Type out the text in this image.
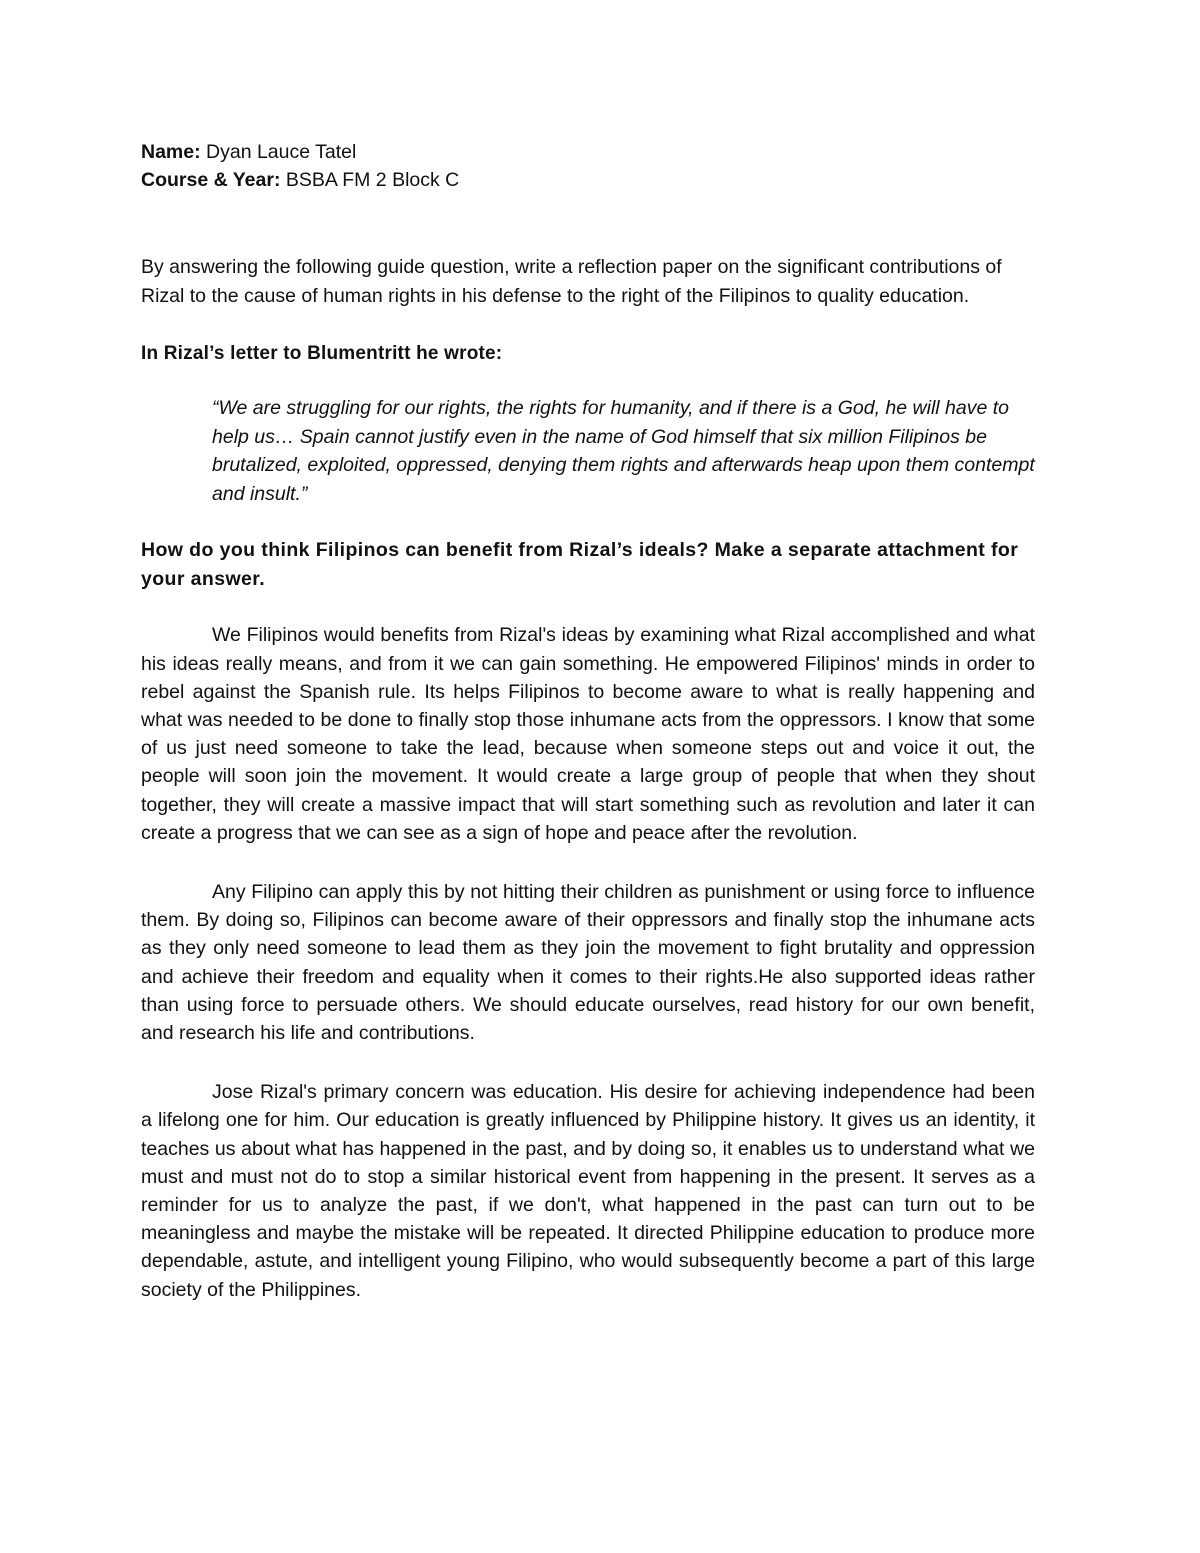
Name: Dyan Lauce Tatel

Course & Year: BSBA FM 2 Block C

By answering the following guide question, write a reflection paper on the significant contributions of Rizal to the cause of human rights in his defense to the right of the Filipinos to quality education.

In Rizal’s letter to Blumentritt he wrote:

“We are struggling for our rights, the rights for humanity, and if there is a God, he will have to help us… Spain cannot justify even in the name of God himself that six million Filipinos be brutalized, exploited, oppressed, denying them rights and afterwards heap upon them contempt and insult.”

How do you think Filipinos can benefit from Rizal’s ideals? Make a separate attachment for your answer.

We Filipinos would benefits from Rizal's ideas by examining what Rizal accomplished and what his ideas really means, and from it we can gain something. He empowered Filipinos' minds in order to rebel against the Spanish rule. Its helps Filipinos to become aware to what is really happening and what was needed to be done to finally stop those inhumane acts from the oppressors. I know that some of us just need someone to take the lead, because when someone steps out and voice it out, the people will soon join the movement. It would create a large group of people that when they shout together, they will create a massive impact that will start something such as revolution and later it can create a progress that we can see as a sign of hope and peace after the revolution.

Any Filipino can apply this by not hitting their children as punishment or using force to influence them. By doing so, Filipinos can become aware of their oppressors and finally stop the inhumane acts as they only need someone to lead them as they join the movement to fight brutality and oppression and achieve their freedom and equality when it comes to their rights.He also supported ideas rather than using force to persuade others. We should educate ourselves, read history for our own benefit, and research his life and contributions.

Jose Rizal's primary concern was education. His desire for achieving independence had been a lifelong one for him. Our education is greatly influenced by Philippine history. It gives us an identity, it teaches us about what has happened in the past, and by doing so, it enables us to understand what we must and must not do to stop a similar historical event from happening in the present. It serves as a reminder for us to analyze the past, if we don't, what happened in the past can turn out to be meaningless and maybe the mistake will be repeated. It directed Philippine education to produce more dependable, astute, and intelligent young Filipino, who would subsequently become a part of this large society of the Philippines.
